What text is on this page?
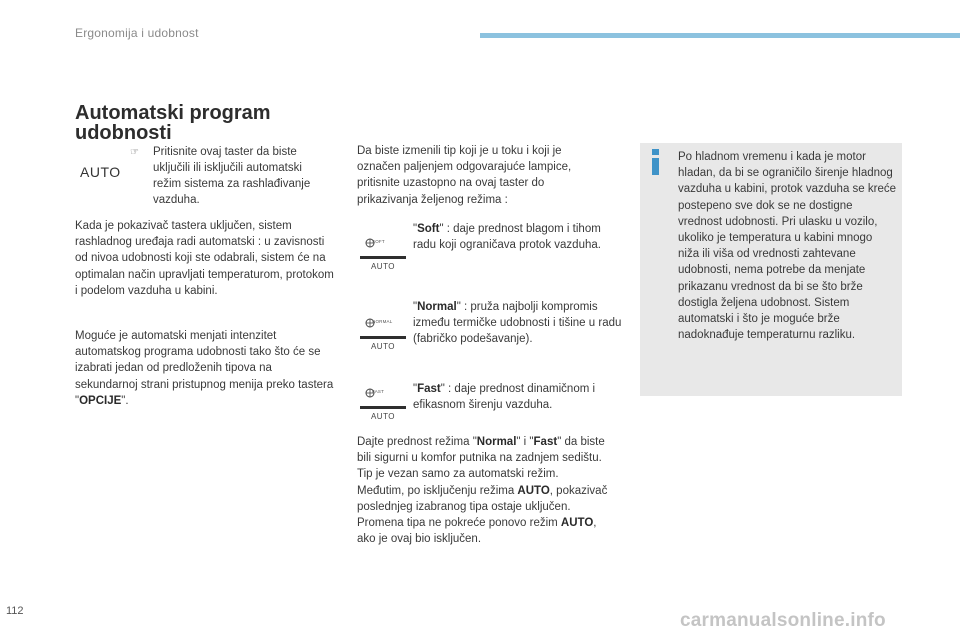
Ergonomija i udobnost
Automatski program
udobnosti
AUTO
☞ Pritisnite ovaj taster da biste uključili ili isključili automatski režim sistema za rashlađivanje vazduha.
Kada je pokazivač tastera uključen, sistem rashladnog uređaja radi automatski : u zavisnosti od nivoa udobnosti koji ste odabrali, sistem će na optimalan način upravljati temperaturom, protokom i podelom vazduha u kabini.
Moguće je automatski menjati intenzitet automatskog programa udobnosti tako što će se izabrati jedan od predloženih tipova na sekundarnoj strani pristupnog menija preko tastera "OPCIJE".
Da biste izmenili tip koji je u toku i koji je označen paljenjem odgovarajuće lampice, pritisnite uzastopno na ovaj taster do prikazivanja željenog režima :
SOFT
AUTO
"Soft" : daje prednost blagom i tihom radu koji ograničava protok vazduha.
NORMAL
AUTO
"Normal" : pruža najbolji kompromis između termičke udobnosti i tišine u radu (fabričko podešavanje).
FAST
AUTO
"Fast" : daje prednost dinamičnom i efikasnom širenju vazduha.
Dajte prednost režima "Normal" i "Fast" da biste bili sigurni u komfor putnika na zadnjem sedištu.
Tip je vezan samo za automatski režim.
Međutim, po isključenju režima AUTO, pokazivač poslednjeg izabranog tipa ostaje uključen.
Promena tipa ne pokreće ponovo režim AUTO, ako je ovaj bio isključen.
Po hladnom vremenu i kada je motor hladan, da bi se ograničilo širenje hladnog vazduha u kabini, protok vazduha se kreće postepeno sve dok se ne dostigne vrednost udobnosti. Pri ulasku u vozilo, ukoliko je temperatura u kabini mnogo niža ili viša od vrednosti zahtevane udobnosti, nema potrebe da menjate prikazanu vrednost da bi se što brže dostigla željena udobnost. Sistem automatski i što je moguće brže nadoknađuje temperaturnu razliku.
112	carmanualsonline.info
